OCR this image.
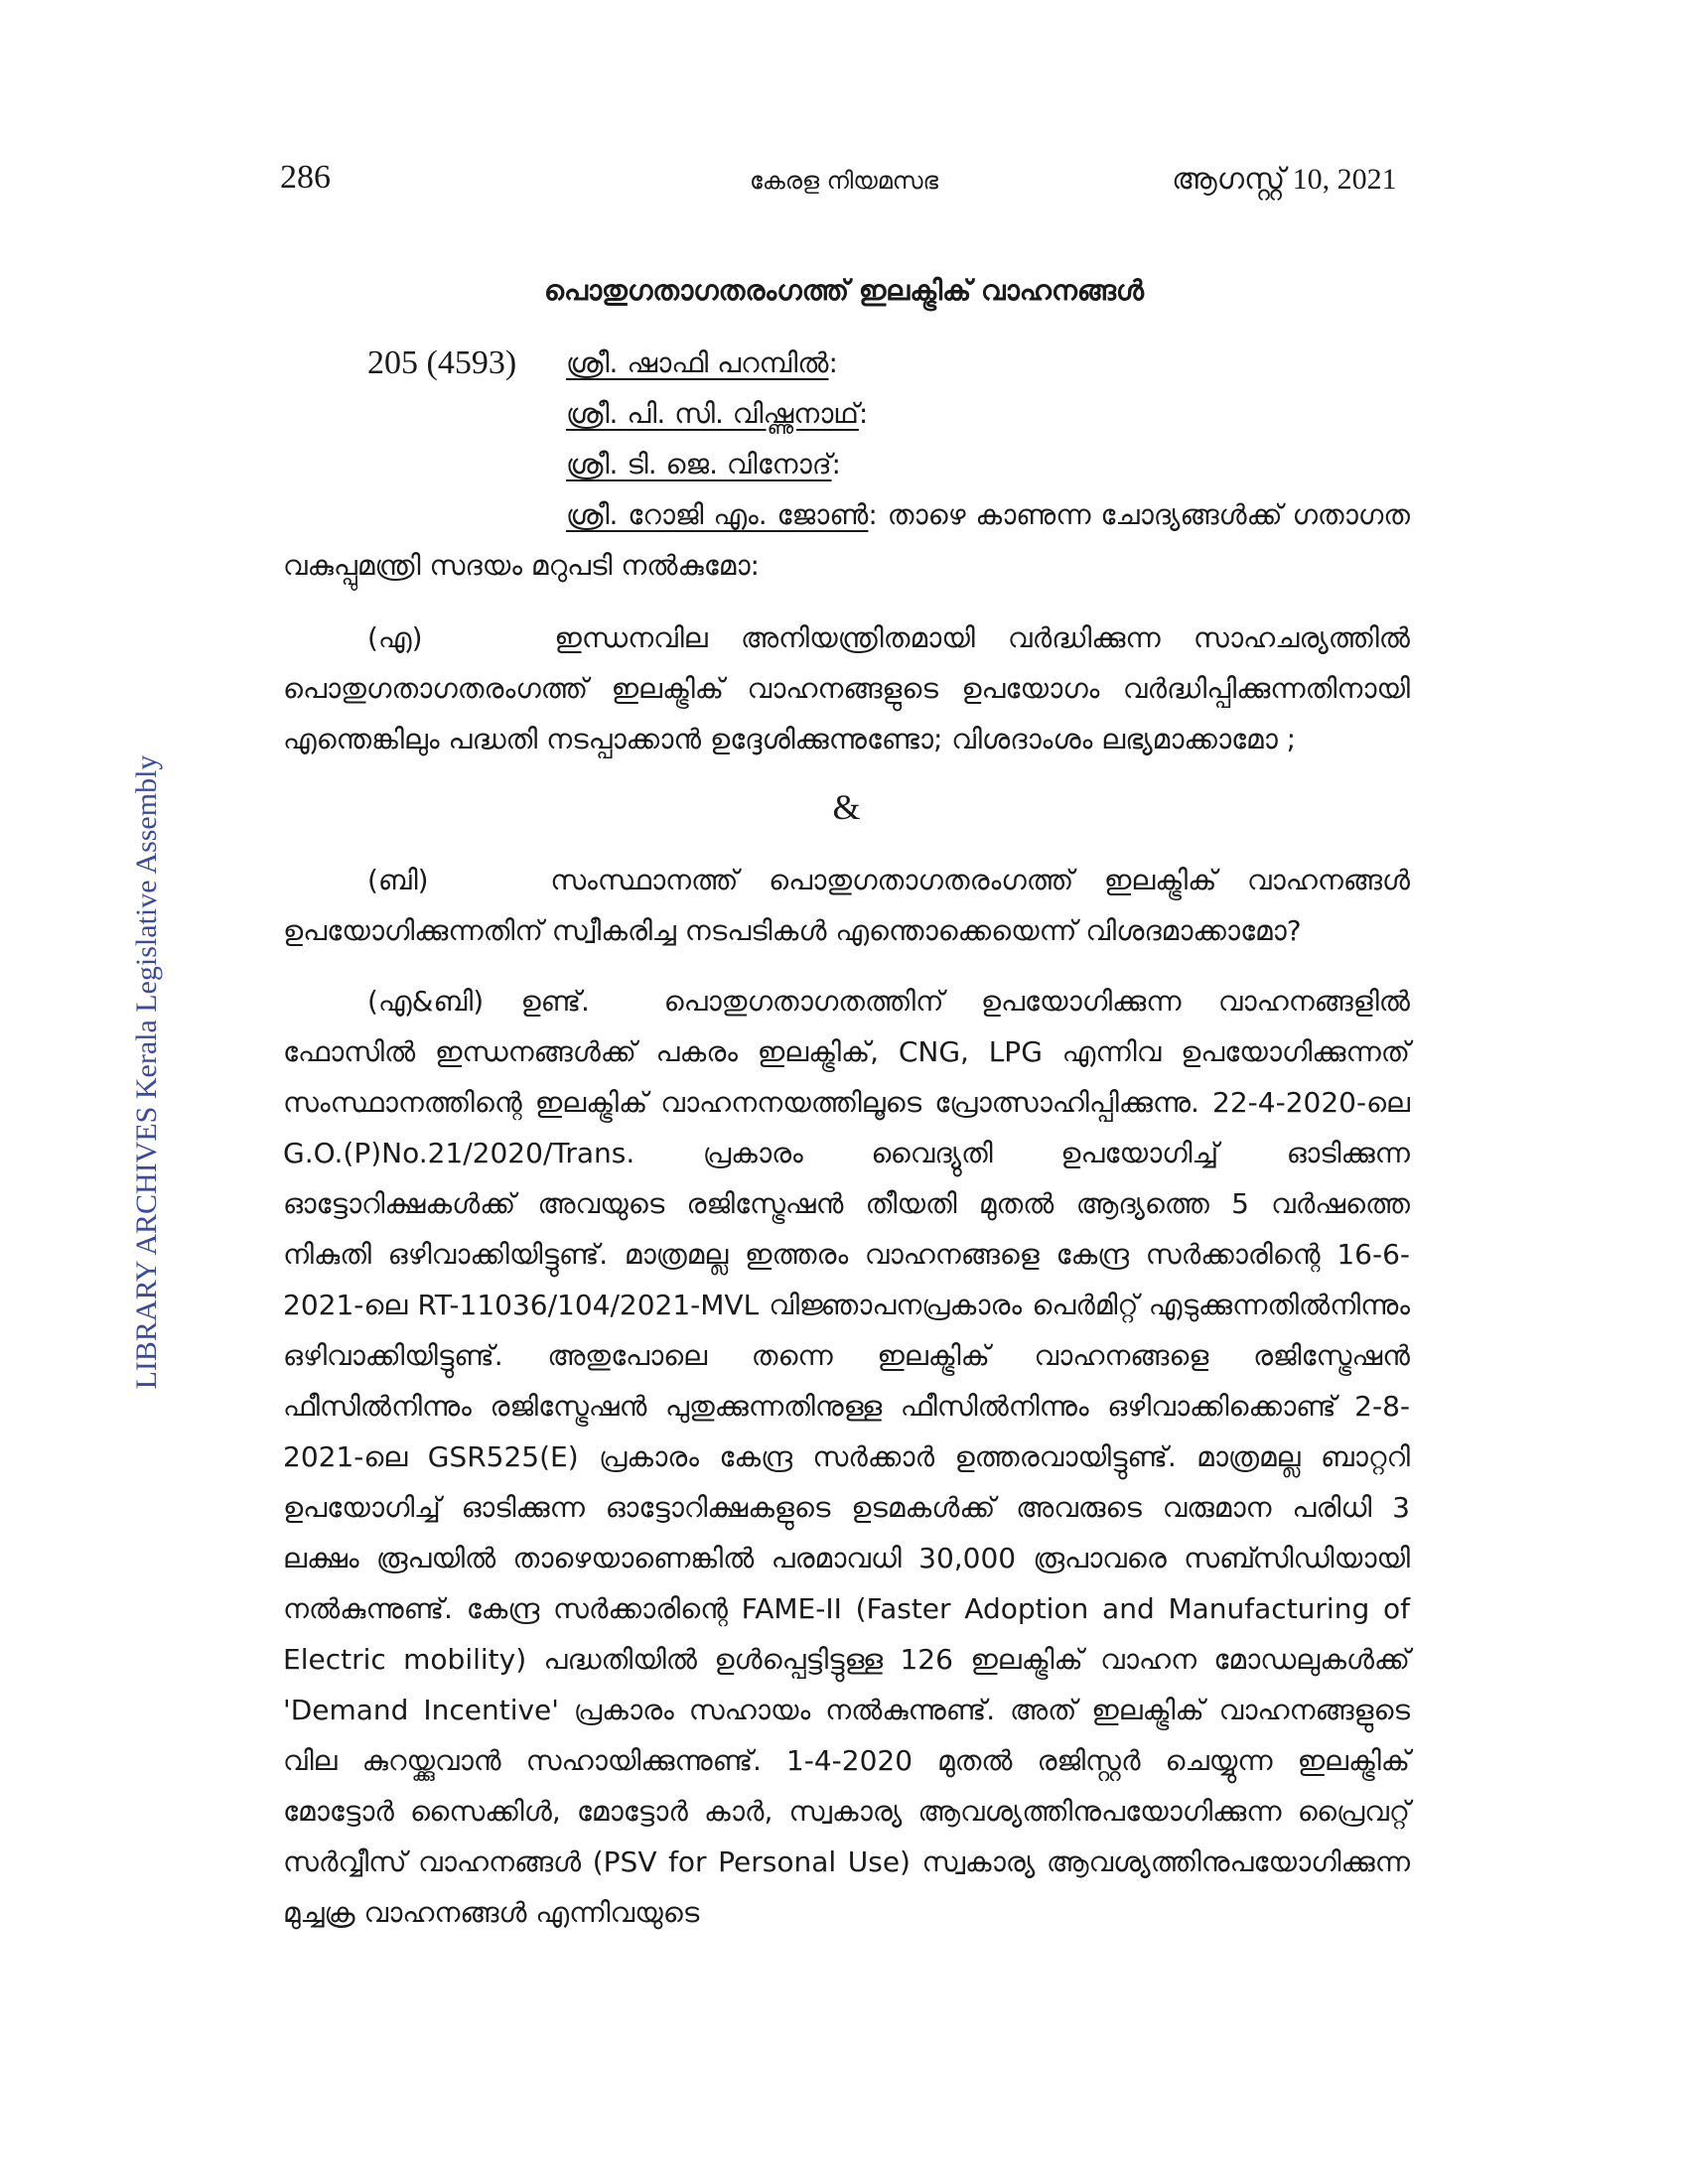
286	കേരള നിയമസഭ	ആഗസ്റ്റ് 10, 2021
LIBRARY ARCHIVES Kerala Legislative Assembly
പൊതുഗതാഗതരംഗത്ത് ഇലക്ട്രിക് വാഹനങ്ങൾ
205 (4593) ശ്രീ. ഷാഫി പറമ്പിൽ:
ശ്രീ. പി. സി. വിഷ്ണുനാഥ്:
ശ്രീ. ടി. ജെ. വിനോദ്:
ശ്രീ. റോജി എം. ജോൺ: താഴെ കാണുന്ന ചോദ്യങ്ങൾക്ക് ഗതാഗത വകുപ്പുമന്ത്രി സദയം മറുപടി നൽകുമോ:
(എ)	ഇന്ധനവില അനിയന്ത്രിതമായി വർദ്ധിക്കുന്ന സാഹചര്യത്തിൽ പൊതുഗതാഗതരംഗത്ത് ഇലക്ട്രിക് വാഹനങ്ങളുടെ ഉപയോഗം വർദ്ധിപ്പിക്കുന്നതിനായി എന്തെങ്കിലും പദ്ധതി നടപ്പാക്കാൻ ഉദ്ദേശിക്കുന്നുണ്ടോ; വിശദാംശം ലഭ്യമാക്കാമോ ;
&
(ബി)	സംസ്ഥാനത്ത് പൊതുഗതാഗതരംഗത്ത് ഇലക്ട്രിക് വാഹനങ്ങൾ ഉപയോഗിക്കുന്നതിന് സ്വീകരിച്ച നടപടികൾ എന്തൊക്കെയെന്ന് വിശദമാക്കാമോ?
(എ&ബി) ഉണ്ട്.	പൊതുഗതാഗതത്തിന് ഉപയോഗിക്കുന്ന വാഹനങ്ങളിൽ ഫോസിൽ ഇന്ധനങ്ങൾക്ക് പകരം ഇലക്ട്രിക്, CNG, LPG എന്നിവ ഉപയോഗിക്കുന്നത് സംസ്ഥാനത്തിന്റെ ഇലക്ട്രിക് വാഹനനയത്തിലൂടെ പ്രോത്സാഹിപ്പിക്കുന്നു. 22-4-2020-ലെ G.O.(P)No.21/2020/Trans. പ്രകാരം വൈദ്യുതി ഉപയോഗിച്ച് ഓടിക്കുന്ന ഓട്ടോറിക്ഷകൾക്ക് അവയുടെ രജിസ്ട്രേഷൻ തീയതി മുതൽ ആദ്യത്തെ 5 വർഷത്തെ നികുതി ഒഴിവാക്കിയിട്ടുണ്ട്. മാത്രമല്ല ഇത്തരം വാഹനങ്ങളെ കേന്ദ്ര സർക്കാരിന്റെ 16-6-2021-ലെ RT-11036/104/2021-MVL വിജ്ഞാപനപ്രകാരം പെർമിറ്റ് എടുക്കുന്നതിൽനിന്നും ഒഴിവാക്കിയിട്ടുണ്ട്. അതുപോലെ തന്നെ ഇലക്ട്രിക് വാഹനങ്ങളെ രജിസ്ട്രേഷൻ ഫീസിൽനിന്നും രജിസ്ട്രേഷൻ പുതുക്കുന്നതിനുള്ള ഫീസിൽനിന്നും ഒഴിവാക്കിക്കൊണ്ട് 2-8-2021-ലെ GSR525(E) പ്രകാരം കേന്ദ്ര സർക്കാർ ഉത്തരവായിട്ടുണ്ട്. മാത്രമല്ല ബാറ്ററി ഉപയോഗിച്ച് ഓടിക്കുന്ന ഓട്ടോറിക്ഷകളുടെ ഉടമകൾക്ക് അവരുടെ വരുമാന പരിധി 3 ലക്ഷം രൂപയിൽ താഴെയാണെങ്കിൽ പരമാവധി 30,000 രൂപാവരെ സബ്സിഡിയായി നൽകുന്നുണ്ട്. കേന്ദ്ര സർക്കാരിന്റെ FAME-II (Faster Adoption and Manufacturing of Electric mobility) പദ്ധതിയിൽ ഉൾപ്പെട്ടിട്ടുള്ള 126 ഇലക്ട്രിക് വാഹന മോഡലുകൾക്ക് 'Demand Incentive' പ്രകാരം സഹായം നൽകുന്നുണ്ട്. അത് ഇലക്ട്രിക് വാഹനങ്ങളുടെ വില കുറയ്ക്കുവാൻ സഹായിക്കുന്നുണ്ട്. 1-4-2020 മുതൽ രജിസ്റ്റർ ചെയ്യുന്ന ഇലക്ട്രിക് മോട്ടോർ സൈക്കിൾ, മോട്ടോർ കാർ, സ്വകാര്യ ആവശ്യത്തിനുപയോഗിക്കുന്ന പ്രൈവറ്റ് സർവ്വീസ് വാഹനങ്ങൾ (PSV for Personal Use) സ്വകാര്യ ആവശ്യത്തിനുപയോഗിക്കുന്ന മുച്ചക്ര വാഹനങ്ങൾ എന്നിവയുടെ
